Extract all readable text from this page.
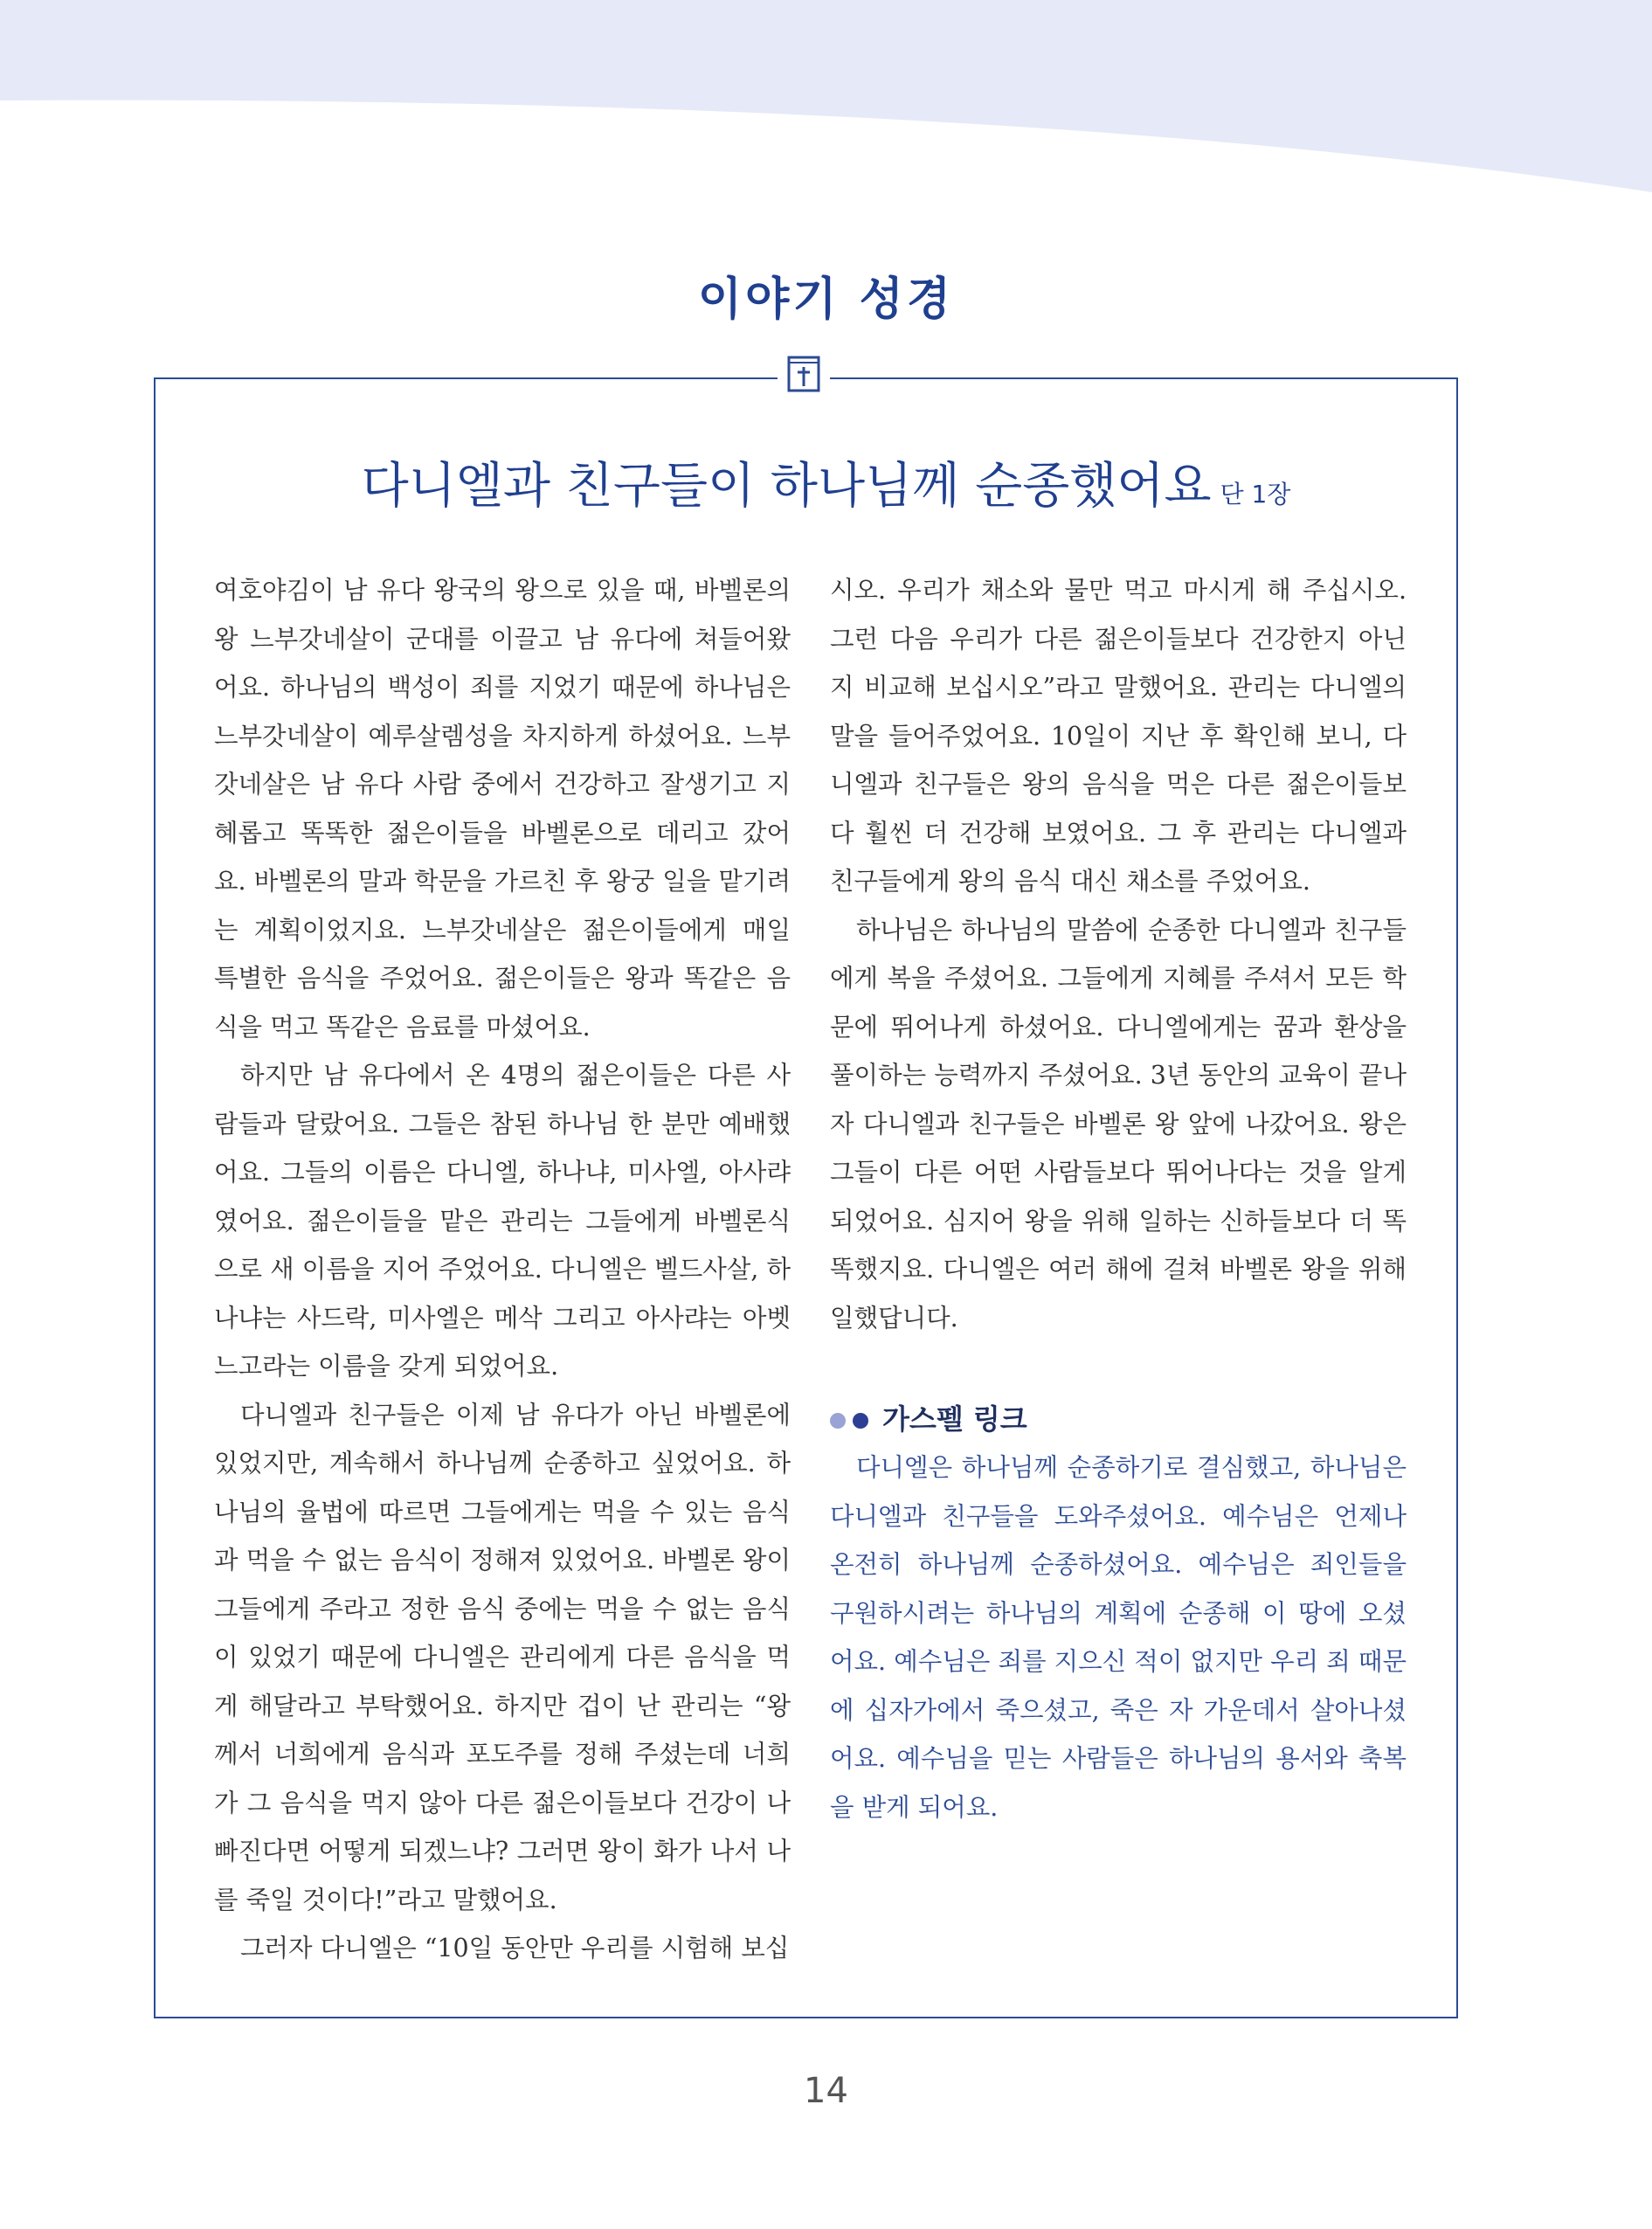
이야기 성경
다니엘과 친구들이 하나님께 순종했어요 단 1장

여호야김이 남 유다 왕국의 왕으로 있을 때, 바벨론의 왕 느부갓네살이 군대를 이끌고 남 유다에 쳐들어왔어요. 하나님의 백성이 죄를 지었기 때문에 하나님은 느부갓네살이 예루살렘성을 차지하게 하셨어요. 느부갓네살은 남 유다 사람 중에서 건강하고 잘생기고 지혜롭고 똑똑한 젊은이들을 바벨론으로 데리고 갔어요. 바벨론의 말과 학문을 가르친 후 왕궁 일을 맡기려는 계획이었지요. 느부갓네살은 젊은이들에게 매일 특별한 음식을 주었어요. 젊은이들은 왕과 똑같은 음식을 먹고 똑같은 음료를 마셨어요.

하지만 남 유다에서 온 4명의 젊은이들은 다른 사람들과 달랐어요. 그들은 참된 하나님 한 분만 예배했어요. 그들의 이름은 다니엘, 하나냐, 미사엘, 아사랴였어요. 젊은이들을 맡은 관리는 그들에게 바벨론식으로 새 이름을 지어 주었어요. 다니엘은 벨드사살, 하나냐는 사드락, 미사엘은 메삭 그리고 아사랴는 아벳느고라는 이름을 갖게 되었어요.

다니엘과 친구들은 이제 남 유다가 아닌 바벨론에 있었지만, 계속해서 하나님께 순종하고 싶었어요. 하나님의 율법에 따르면 그들에게는 먹을 수 있는 음식과 먹을 수 없는 음식이 정해져 있었어요. 바벨론 왕이 그들에게 주라고 정한 음식 중에는 먹을 수 없는 음식이 있었기 때문에 다니엘은 관리에게 다른 음식을 먹게 해달라고 부탁했어요. 하지만 겁이 난 관리는 “왕께서 너희에게 음식과 포도주를 정해 주셨는데 너희가 그 음식을 먹지 않아 다른 젊은이들보다 건강이 나빠진다면 어떻게 되겠느냐? 그러면 왕이 화가 나서 나를 죽일 것이다!”라고 말했어요.

그러자 다니엘은 “10일 동안만 우리를 시험해 보십

시오. 우리가 채소와 물만 먹고 마시게 해 주십시오. 그런 다음 우리가 다른 젊은이들보다 건강한지 아닌지 비교해 보십시오”라고 말했어요. 관리는 다니엘의 말을 들어주었어요. 10일이 지난 후 확인해 보니, 다니엘과 친구들은 왕의 음식을 먹은 다른 젊은이들보다 훨씬 더 건강해 보였어요. 그 후 관리는 다니엘과 친구들에게 왕의 음식 대신 채소를 주었어요.

하나님은 하나님의 말씀에 순종한 다니엘과 친구들에게 복을 주셨어요. 그들에게 지혜를 주셔서 모든 학문에 뛰어나게 하셨어요. 다니엘에게는 꿈과 환상을 풀이하는 능력까지 주셨어요. 3년 동안의 교육이 끝나자 다니엘과 친구들은 바벨론 왕 앞에 나갔어요. 왕은 그들이 다른 어떤 사람들보다 뛰어나다는 것을 알게 되었어요. 심지어 왕을 위해 일하는 신하들보다 더 똑똑했지요. 다니엘은 여러 해에 걸쳐 바벨론 왕을 위해 일했답니다.

가스펠 링크

다니엘은 하나님께 순종하기로 결심했고, 하나님은 다니엘과 친구들을 도와주셨어요. 예수님은 언제나 온전히 하나님께 순종하셨어요. 예수님은 죄인들을 구원하시려는 하나님의 계획에 순종해 이 땅에 오셨어요. 예수님은 죄를 지으신 적이 없지만 우리 죄 때문에 십자가에서 죽으셨고, 죽은 자 가운데서 살아나셨어요. 예수님을 믿는 사람들은 하나님의 용서와 축복을 받게 되어요.

14
